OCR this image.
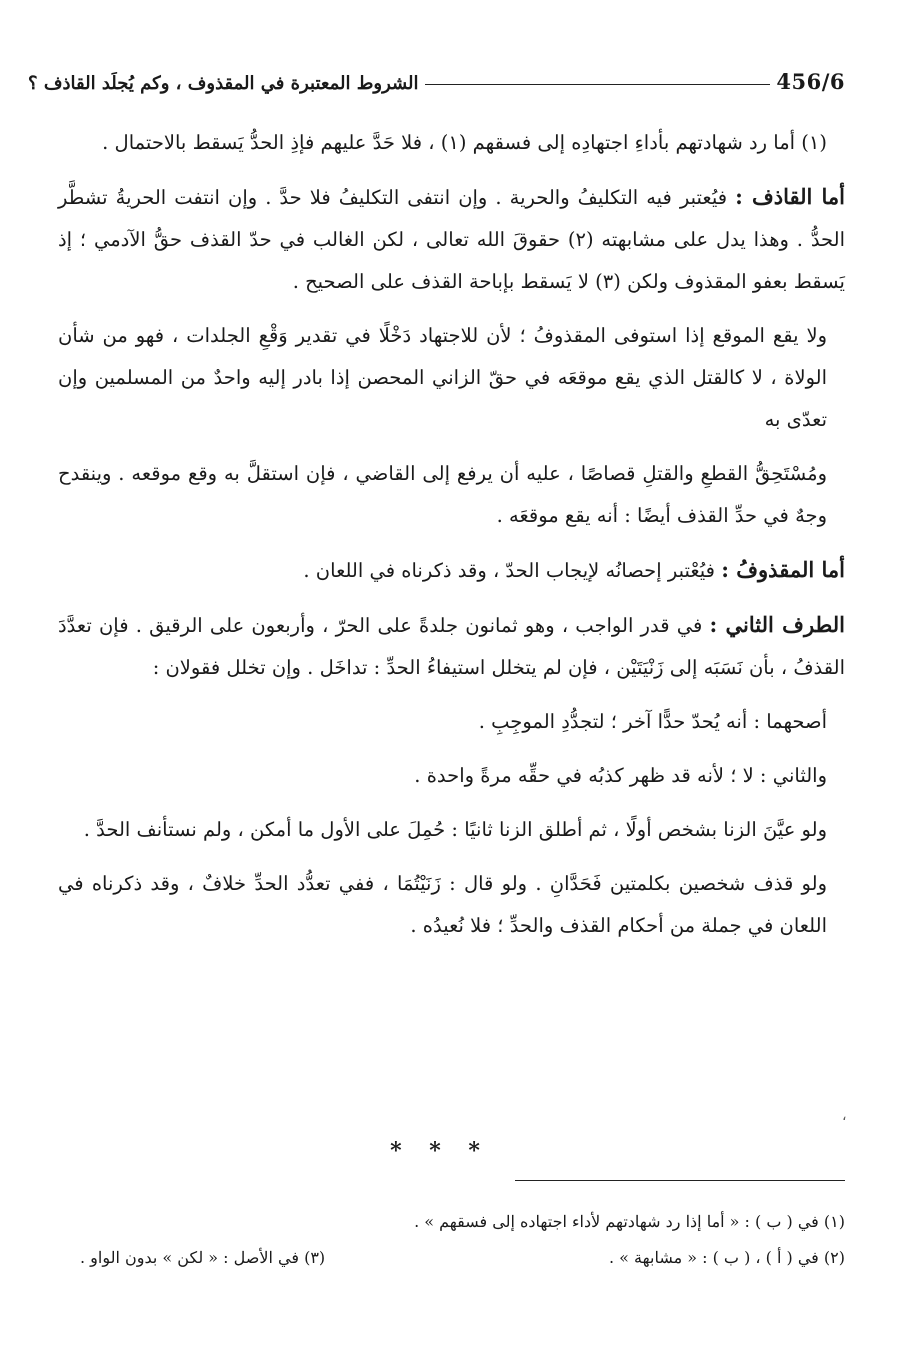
456/6
الشروط المعتبرة في المقذوف ، وكم يُجلَد القاذف ؟

(١) أما رد شهادتهم بأداءِ اجتهادِه إلى فسقهم (١) ، فلا حَدَّ عليهم فإذِ الحدُّ يَسقط بالاحتمال .

أما القاذف : فيُعتبر فيه التكليفُ والحرية . وإن انتفى التكليفُ فلا حدَّ . وإن انتفت الحريةُ تشطَّر الحدُّ . وهذا يدل على مشابهته (٢) حقوقَ الله تعالى ، لكن الغالب في حدّ القذف حقُّ الآدمي ؛ إذ يَسقط بعفو المقذوف ولكن (٣) لا يَسقط بإباحة القذف على الصحيح .

ولا يقع الموقع إذا استوفى المقذوفُ ؛ لأن للاجتهاد دَخْلًا في تقدير وَقْعِ الجلدات ، فهو من شأن الولاة ، لا كالقتل الذي يقع موقعَه في حقّ الزاني المحصن إذا بادر إليه واحدٌ من المسلمين وإن تعدّى به

ومُسْتَحِقُّ القطعِ والقتلِ قصاصًا ، عليه أن يرفع إلى القاضي ، فإن استقلَّ به وقع موقعه . وينقدح وجهٌ في حدِّ القذف أيضًا : أنه يقع موقعَه .

أما المقذوفُ : فيُعْتبر إحصانُه لإيجاب الحدّ ، وقد ذكرناه في اللعان .

الطرف الثاني : في قدر الواجب ، وهو ثمانون جلدةً على الحرّ ، وأربعون على الرقيق . فإن تعدَّدَ القذفُ ، بأن نَسَبَه إلى زَنْيَتَيْن ، فإن لم يتخلل استيفاءُ الحدِّ : تداخَل . وإن تخلل فقولان :

أصحهما : أنه يُحدّ حدًّا آخر ؛ لتجدُّدِ الموجِبِ .

والثاني : لا ؛ لأنه قد ظهر كذبُه في حقِّه مرةً واحدة .

ولو عيَّنَ الزنا بشخص أولًا ، ثم أطلق الزنا ثانيًا : حُمِلَ على الأول ما أمكن ، ولم نستأنف الحدَّ .

ولو قذف شخصين بكلمتين فَحَدَّانِ . ولو قال : زَنَيْتُمَا ، ففي تعدُّد الحدِّ خلافٌ ، وقد ذكرناه في اللعان في جملة من أحكام القذف والحدِّ ؛ فلا نُعيدُه .

،
* * *
(١) في ( ب ) : « أما إذا رد شهادتهم لأداء اجتهاده إلى فسقهم » .
(٢) في ( أ ) ، ( ب ) : « مشابهة » .
(٣) في الأصل : « لكن » بدون الواو .
